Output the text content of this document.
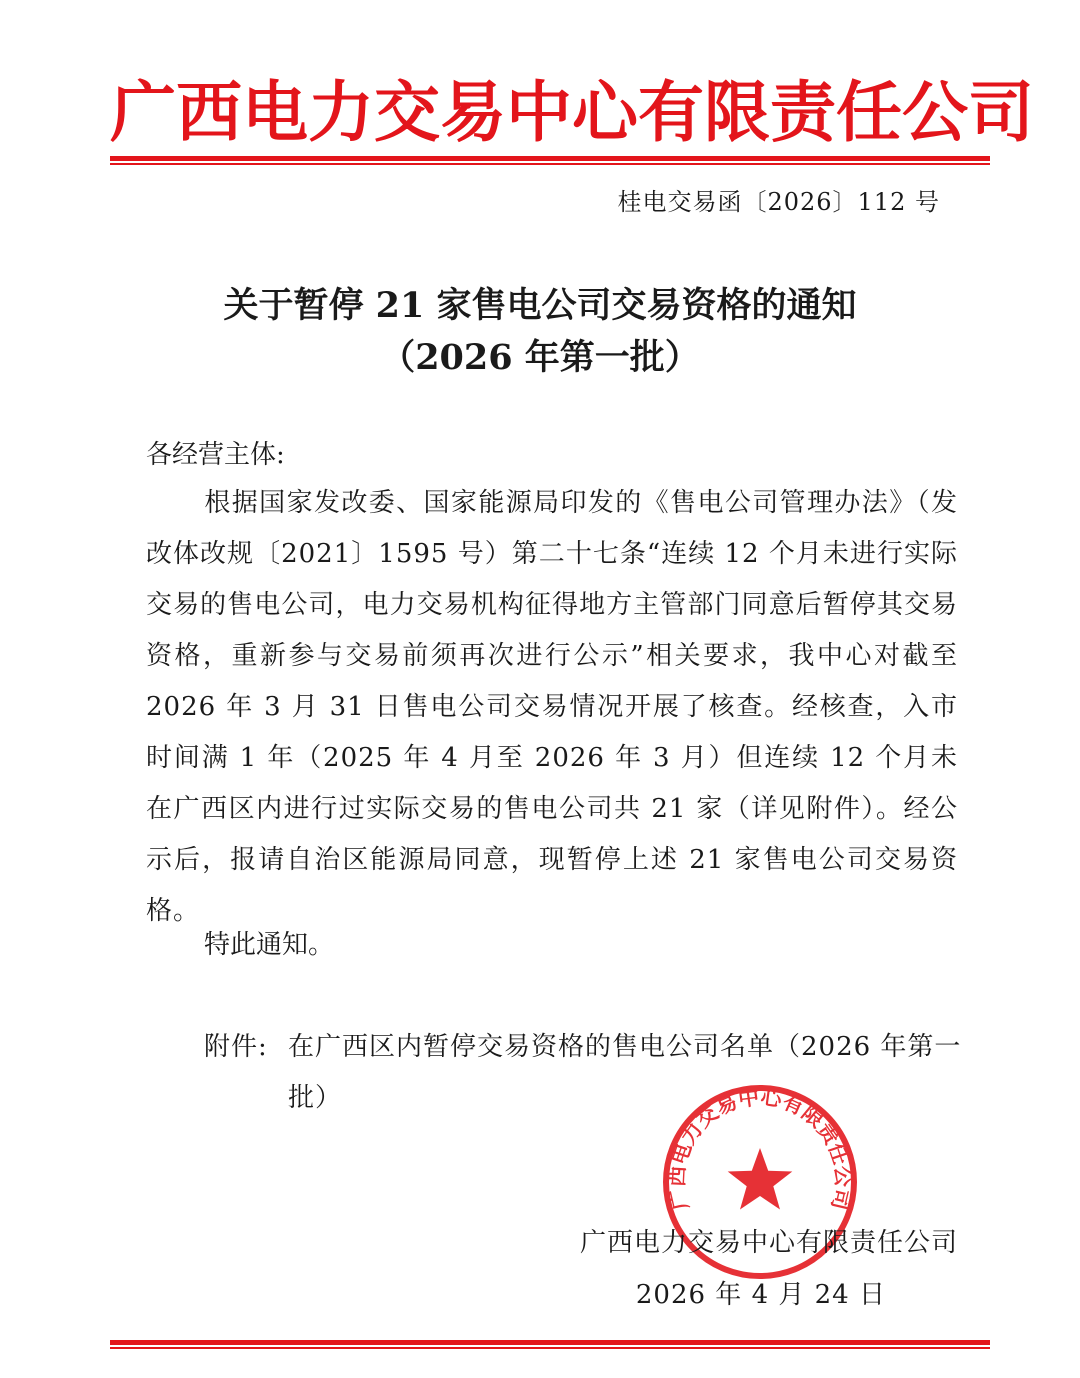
广西电力交易中心有限责任公司
桂电交易函〔2026〕112 号
关于暂停 21 家售电公司交易资格的通知
（2026 年第一批）
各经营主体:

根据国家发改委、国家能源局印发的《售电公司管理办法》（发改体改规〔2021〕1595 号）第二十七条“连续 12 个月未进行实际交易的售电公司，电力交易机构征得地方主管部门同意后暂停其交易资格，重新参与交易前须再次进行公示”相关要求，我中心对截至 2026 年 3 月 31 日售电公司交易情况开展了核查。经核查，入市时间满 1 年（2025 年 4 月至 2026 年 3 月）但连续 12 个月未在广西区内进行过实际交易的售电公司共 21 家（详见附件）。经公示后，报请自治区能源局同意，现暂停上述 21 家售电公司交易资格。

特此通知。
附件: 在广西区内暂停交易资格的售电公司名单（2026 年第一批）
广西电力交易中心有限责任公司
广西电力交易中心有限责任公司
2026 年 4 月 24 日
